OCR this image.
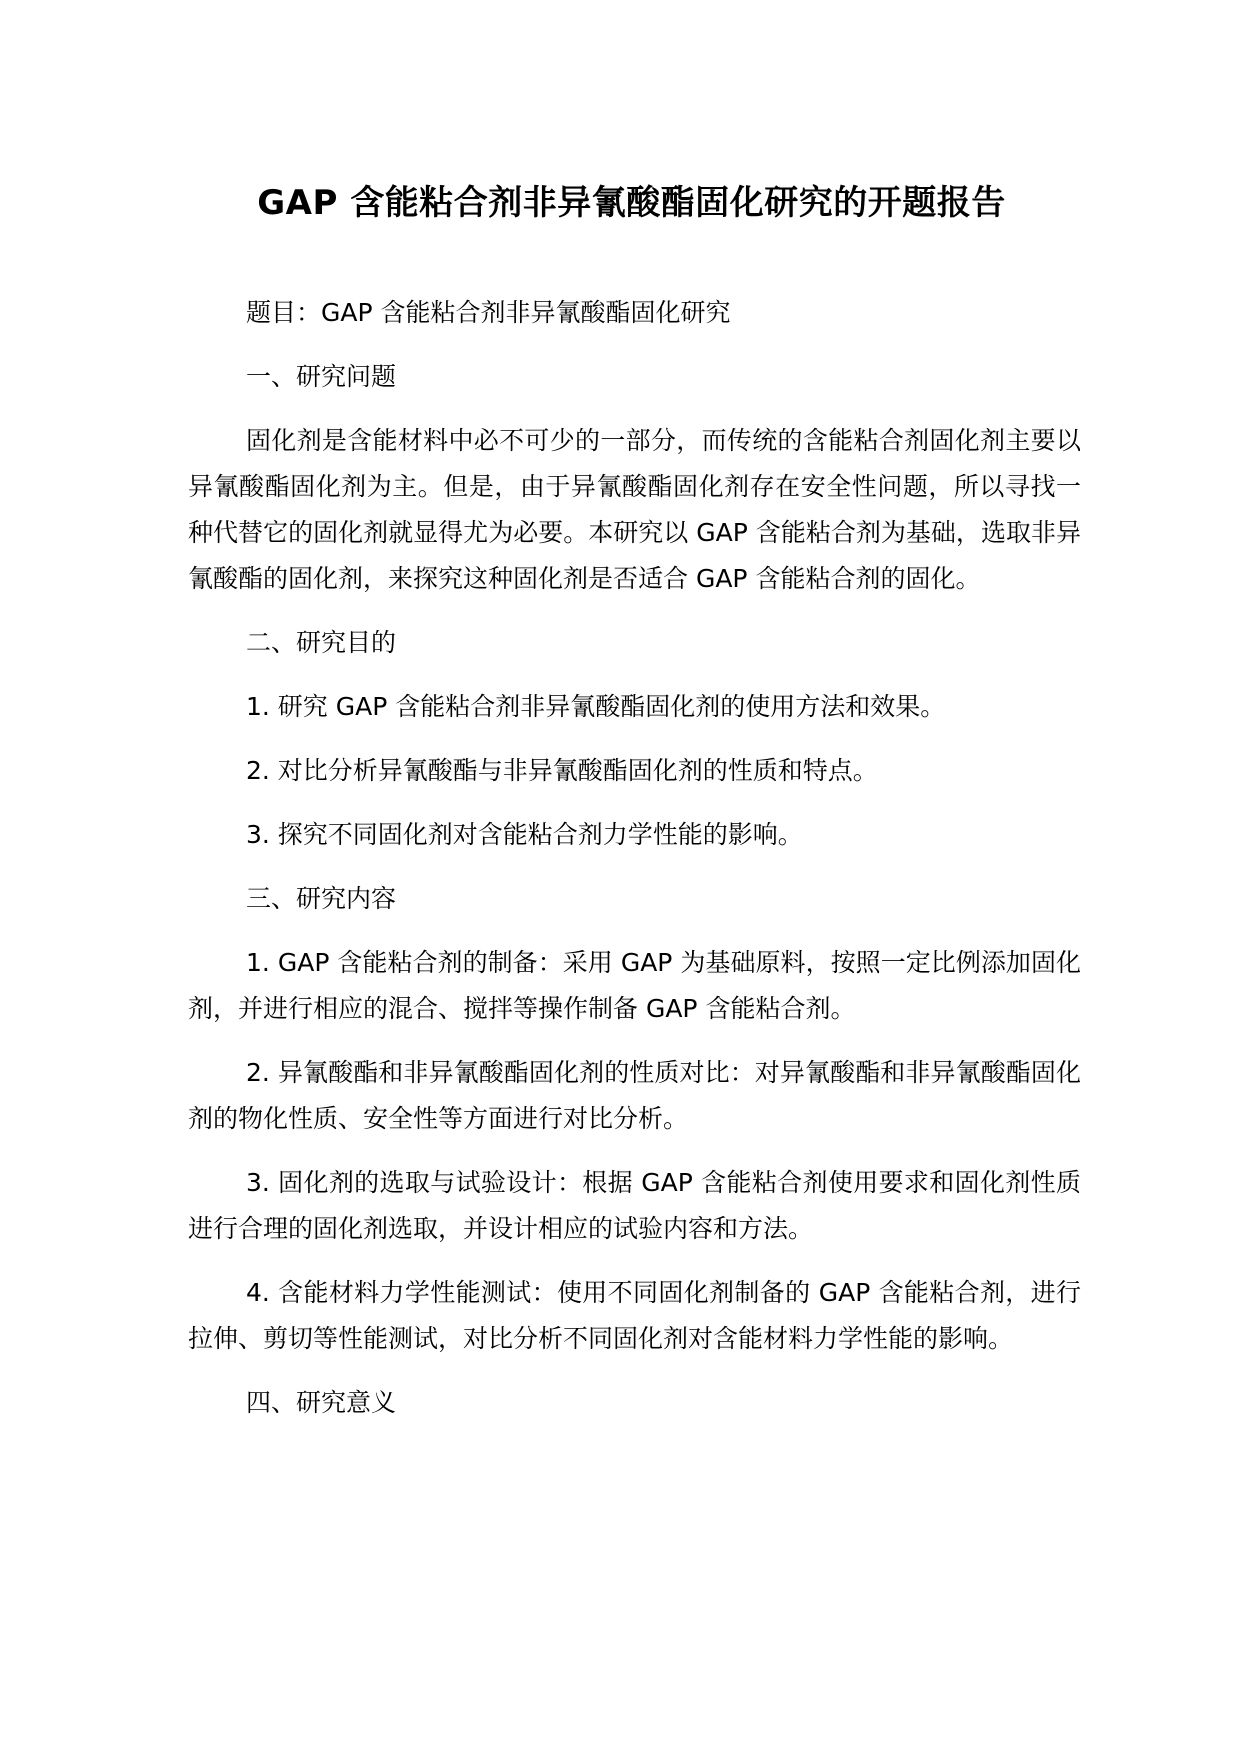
GAP 含能粘合剂非异氰酸酯固化研究的开题报告

题目：GAP 含能粘合剂非异氰酸酯固化研究

一、研究问题

固化剂是含能材料中必不可少的一部分，而传统的含能粘合剂固化剂主要以异氰酸酯固化剂为主。但是，由于异氰酸酯固化剂存在安全性问题，所以寻找一种代替它的固化剂就显得尤为必要。本研究以 GAP 含能粘合剂为基础，选取非异氰酸酯的固化剂，来探究这种固化剂是否适合 GAP 含能粘合剂的固化。

二、研究目的

1. 研究 GAP 含能粘合剂非异氰酸酯固化剂的使用方法和效果。

2. 对比分析异氰酸酯与非异氰酸酯固化剂的性质和特点。

3. 探究不同固化剂对含能粘合剂力学性能的影响。

三、研究内容

1. GAP 含能粘合剂的制备：采用 GAP 为基础原料，按照一定比例添加固化剂，并进行相应的混合、搅拌等操作制备 GAP 含能粘合剂。

2. 异氰酸酯和非异氰酸酯固化剂的性质对比：对异氰酸酯和非异氰酸酯固化剂的物化性质、安全性等方面进行对比分析。

3. 固化剂的选取与试验设计：根据 GAP 含能粘合剂使用要求和固化剂性质进行合理的固化剂选取，并设计相应的试验内容和方法。

4. 含能材料力学性能测试：使用不同固化剂制备的 GAP 含能粘合剂，进行拉伸、剪切等性能测试，对比分析不同固化剂对含能材料力学性能的影响。

四、研究意义
